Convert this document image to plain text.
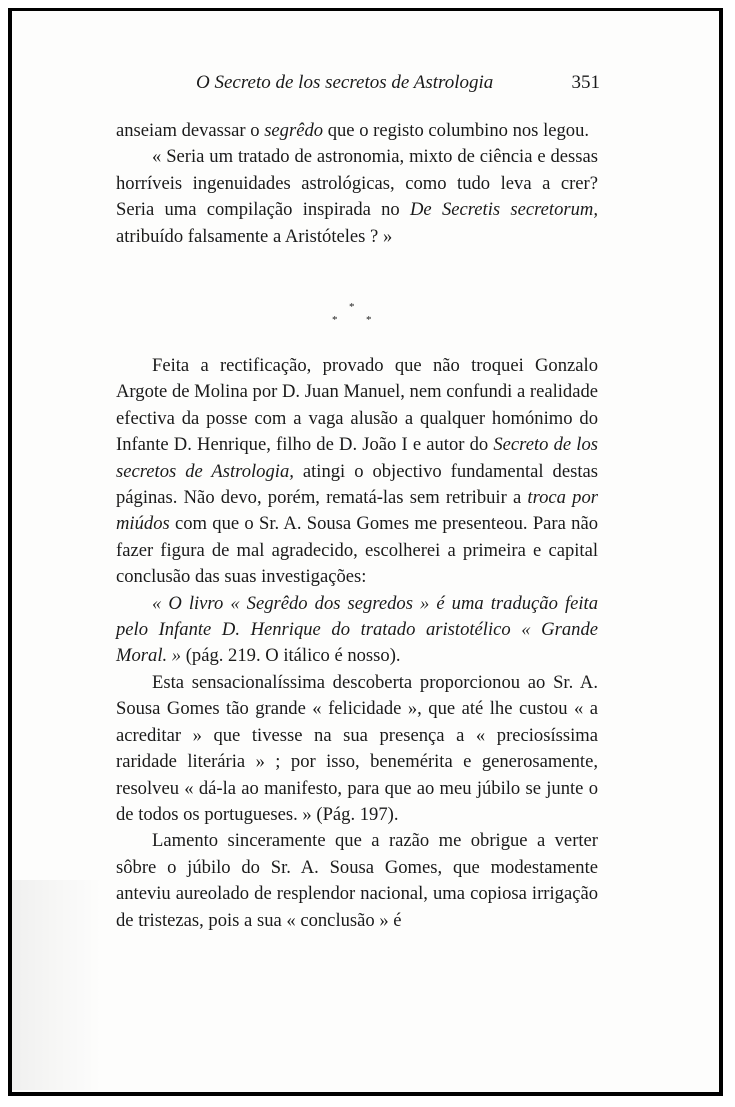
O Secreto de los secretos de Astrologia	351

anseiam devassar o segrêdo que o registo columbino nos legou.

« Seria um tratado de astronomia, mixto de ciência e dessas horríveis ingenuidades astrológicas, como tudo leva a crer? Seria uma compilação inspirada no De Secretis secretorum, atribuído falsamente a Aristóteles ? »

*
*	*

Feita a rectificação, provado que não troquei Gonzalo Argote de Molina por D. Juan Manuel, nem confundi a realidade efectiva da posse com a vaga alusão a qualquer homónimo do Infante D. Henrique, filho de D. João I e autor do Secreto de los secretos de Astrologia, atingi o objectivo fundamental destas páginas. Não devo, porém, rematá-las sem retribuir a troca por miúdos com que o Sr. A. Sousa Gomes me presenteou. Para não fazer figura de mal agradecido, escolherei a primeira e capital conclusão das suas investigações:

« O livro « Segrêdo dos segredos » é uma tradução feita pelo Infante D. Henrique do tratado aristotélico « Grande Moral. » (pág. 219. O itálico é nosso).

Esta sensacionalíssima descoberta proporcionou ao Sr. A. Sousa Gomes tão grande « felicidade », que até lhe custou « a acreditar » que tivesse na sua presença a « preciosíssima raridade literária » ; por isso, benemérita e generosamente, resolveu « dá-la ao manifesto, para que ao meu júbilo se junte o de todos os portugueses. » (Pág. 197).

Lamento sinceramente que a razão me obrigue a verter sôbre o júbilo do Sr. A. Sousa Gomes, que modestamente anteviu aureolado de resplendor nacional, uma copiosa irrigação de tristezas, pois a sua « conclusão » é
